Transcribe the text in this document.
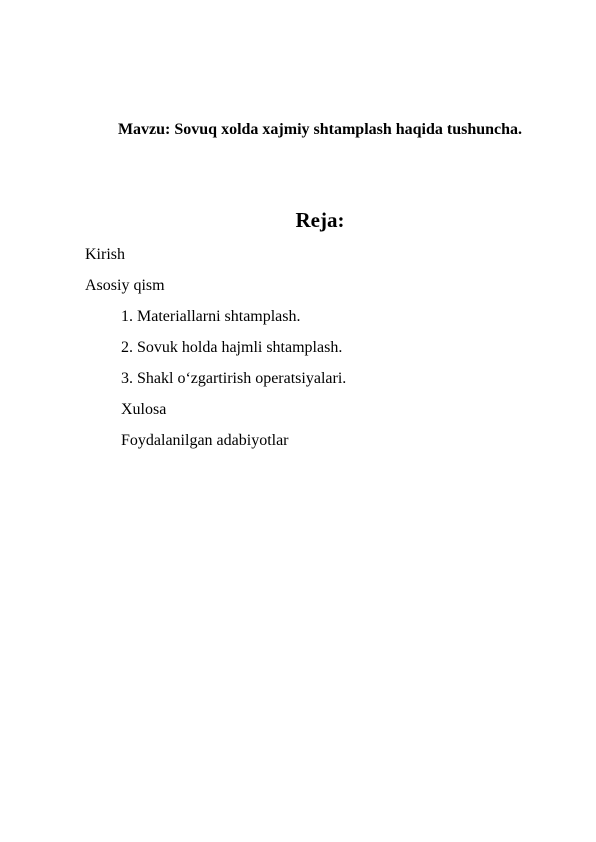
Mavzu: Sovuq xolda xajmiy shtamplash haqida tushuncha.
Reja:
Kirish
Asosiy qism
1. Materiallarni shtamplash.
2. Sovuk holda hajmli shtamplash.
3. Shakl o‘zgartirish operatsiyalari.
Xulosa
Foydalanilgan adabiyotlar
